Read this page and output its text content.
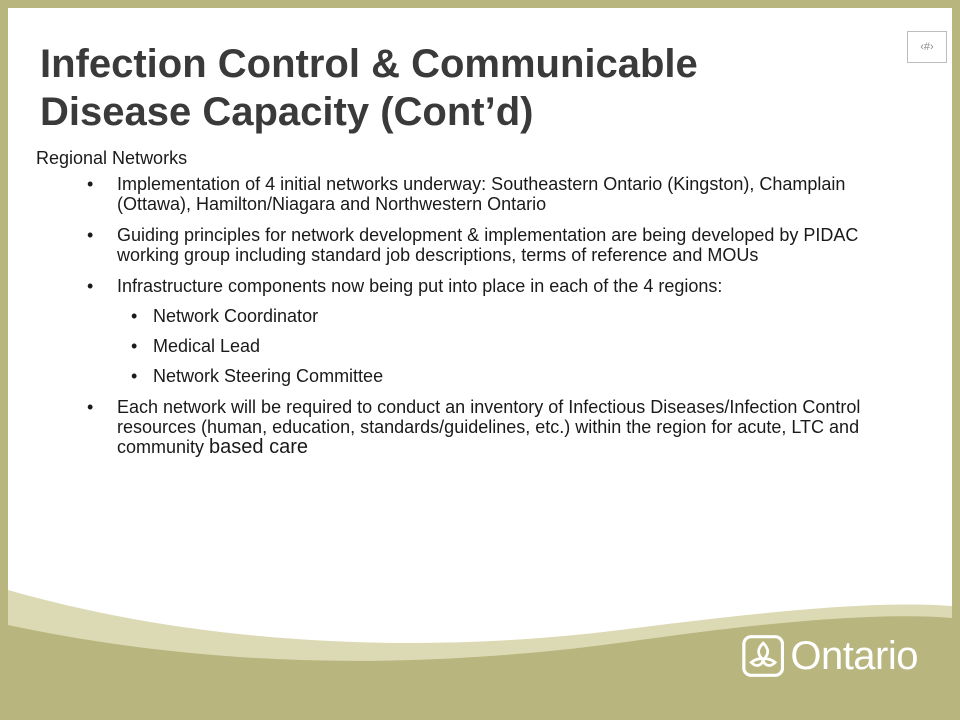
Infection Control & Communicable Disease Capacity (Cont’d)
‹#›

Regional Networks

• Implementation of 4 initial networks underway: Southeastern Ontario (Kingston), Champlain (Ottawa), Hamilton/Niagara and Northwestern Ontario
• Guiding principles for network development & implementation are being developed by PIDAC working group including standard job descriptions, terms of reference and MOUs
• Infrastructure components now being put into place in each of the 4 regions:
• Network Coordinator
• Medical Lead
• Network Steering Committee
• Each network will be required to conduct an inventory of Infectious Diseases/Infection Control resources (human, education, standards/guidelines, etc.) within the region for acute, LTC and community based care
Ontario
